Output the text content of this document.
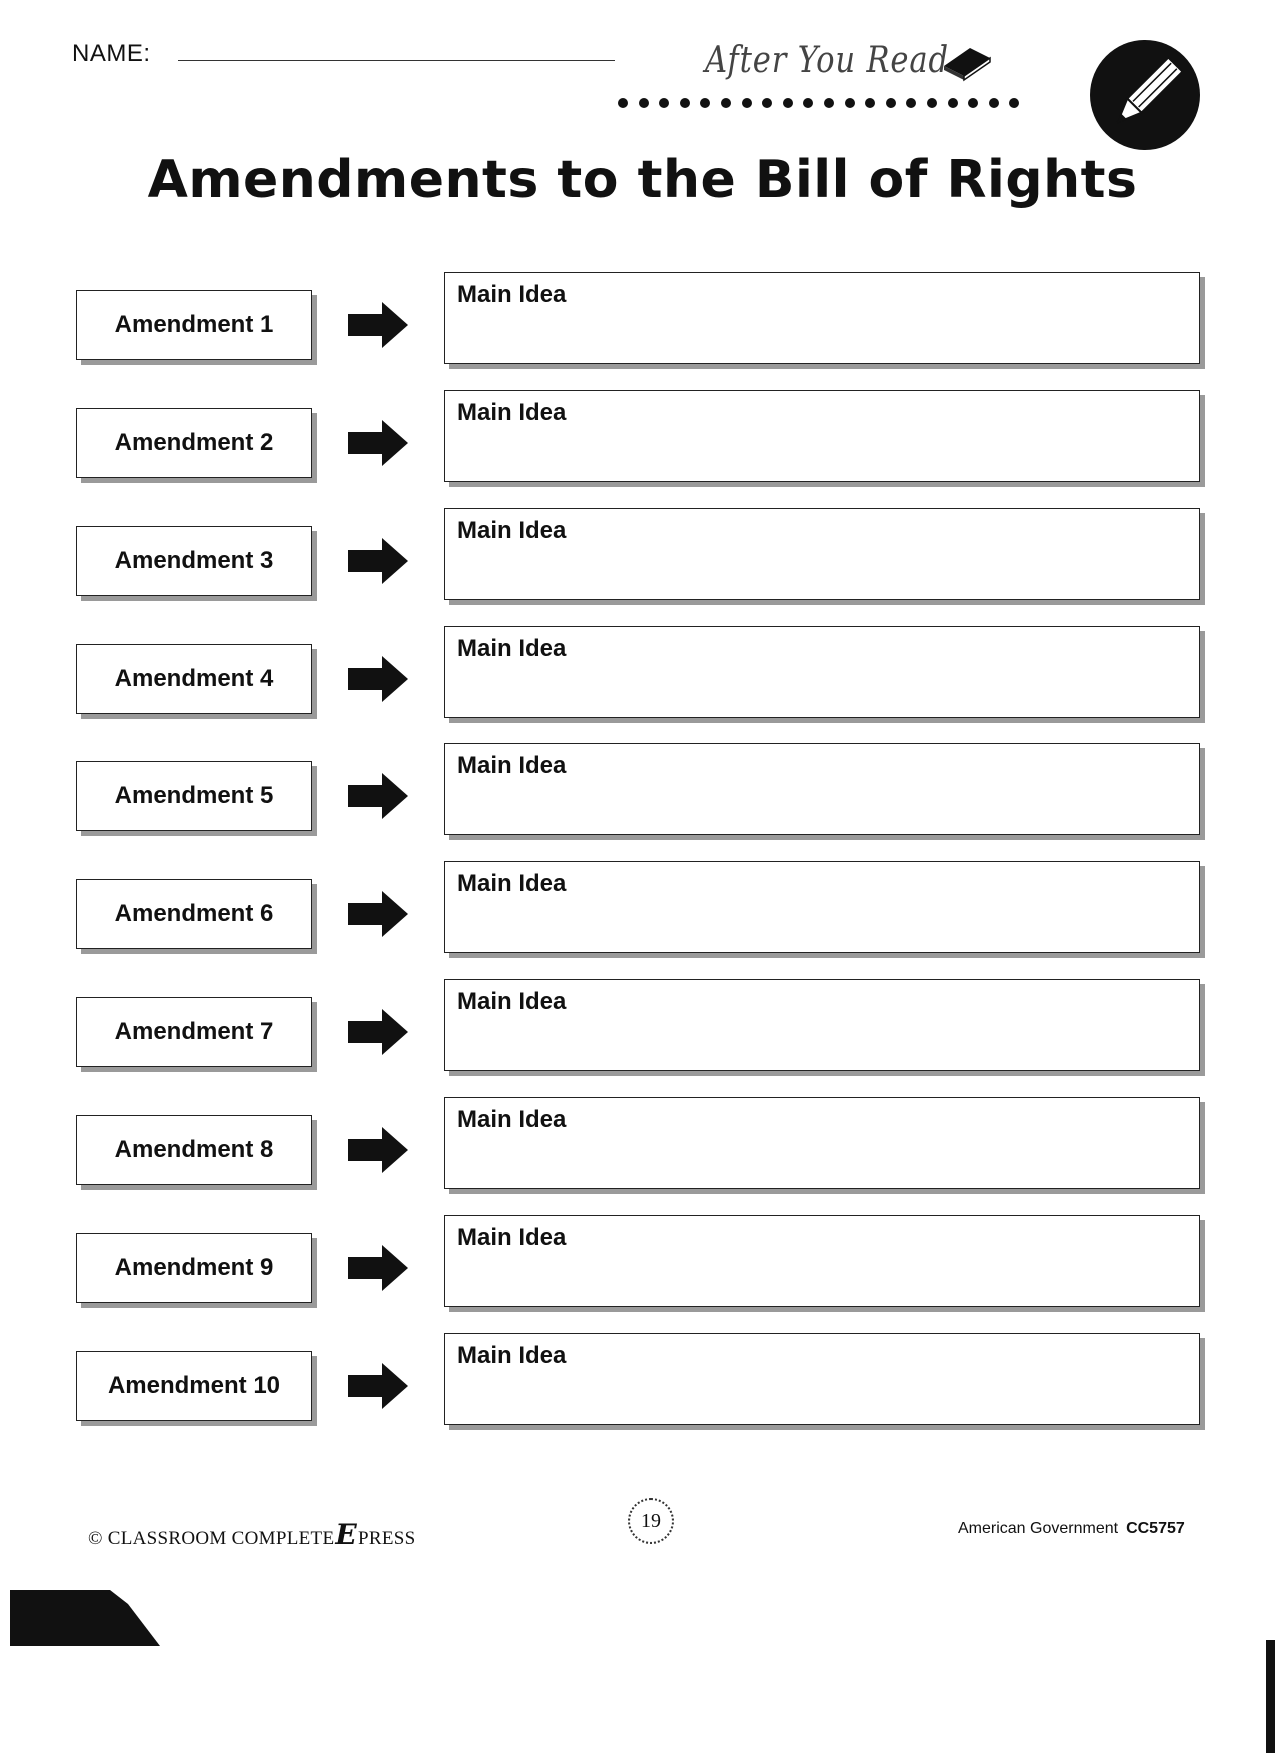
NAME:	After You Read
Amendments to the Bill of Rights
Amendment 1
Main Idea
Amendment 2
Main Idea
Amendment 3
Main Idea
Amendment 4
Main Idea
Amendment 5
Main Idea
Amendment 6
Main Idea
Amendment 7
Main Idea
Amendment 8
Main Idea
Amendment 9
Main Idea
Amendment 10
Main Idea
© CLASSROOM COMPLETEEPRESS
19	American Government CC5757
